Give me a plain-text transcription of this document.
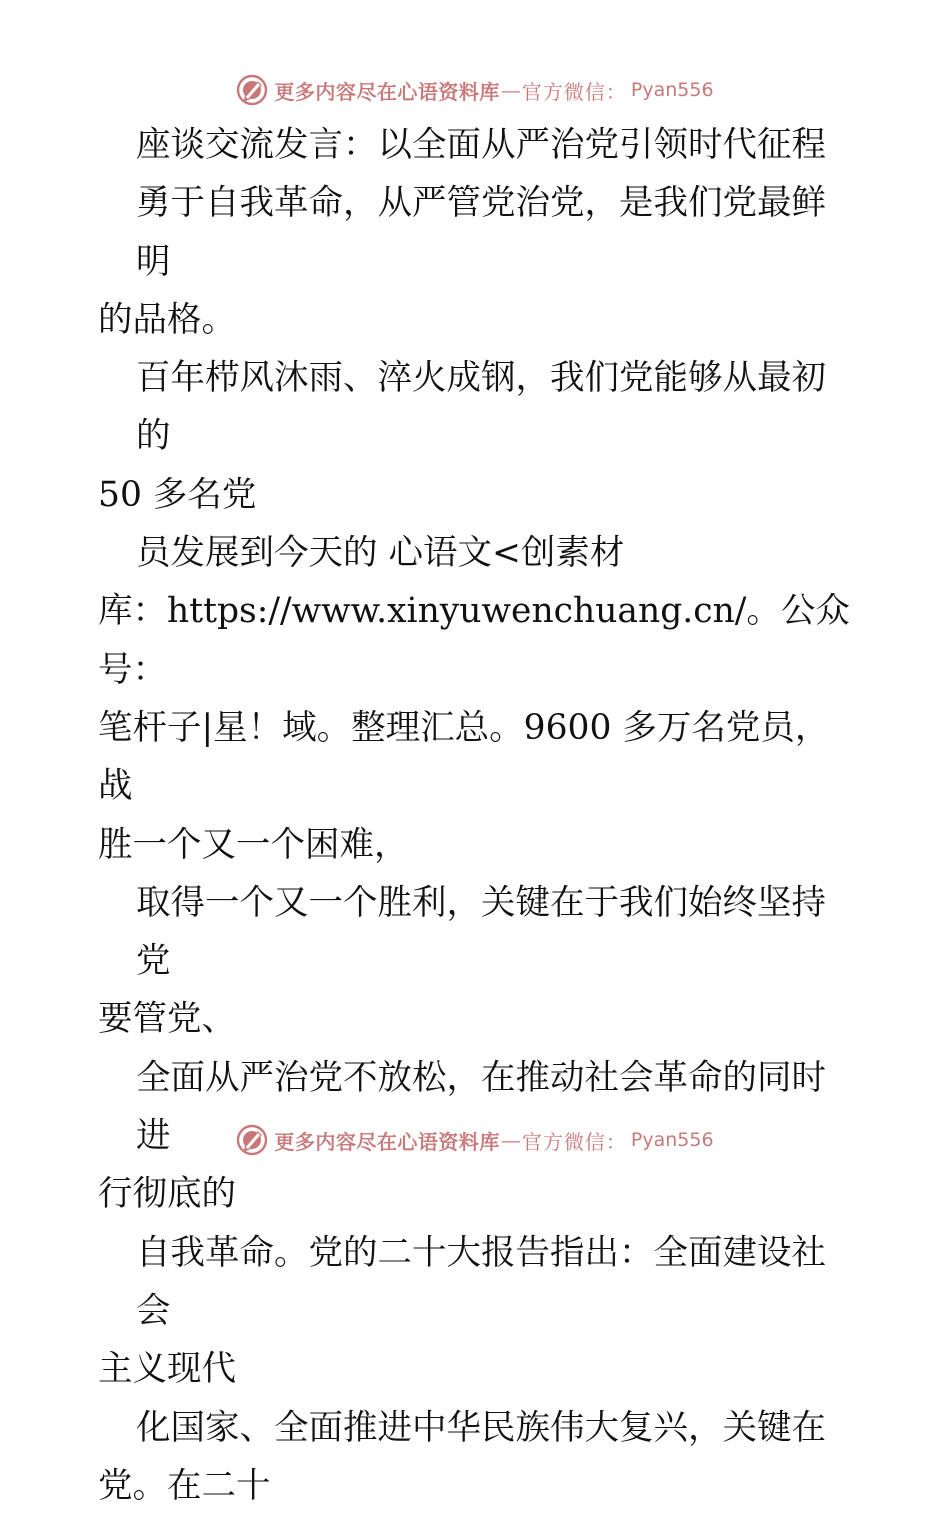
更多内容尽在心语资料库 — 官方微信： Pyan556

座谈交流发言：以全面从严治党引领时代征程

勇于自我革命，从严管党治党，是我们党最鲜明

的品格。

百年栉风沐雨、淬火成钢，我们党能够从最初的

50 多名党

员发展到今天的 心语文<创素材

库：https://www.xinyuwenchuang.cn/。公众号：

笔杆子|星！域。整理汇总。9600 多万名党员，战

胜一个又一个困难，

取得一个又一个胜利，关键在于我们始终坚持党

要管党、

全面从严治党不放松，在推动社会革命的同时进

行彻底的

自我革命。党的二十大报告指出：全面建设社会

主义现代

化国家、全面推进中华民族伟大复兴，关键在

党。在二十

更多内容尽在心语资料库 — 官方微信： Pyan556
